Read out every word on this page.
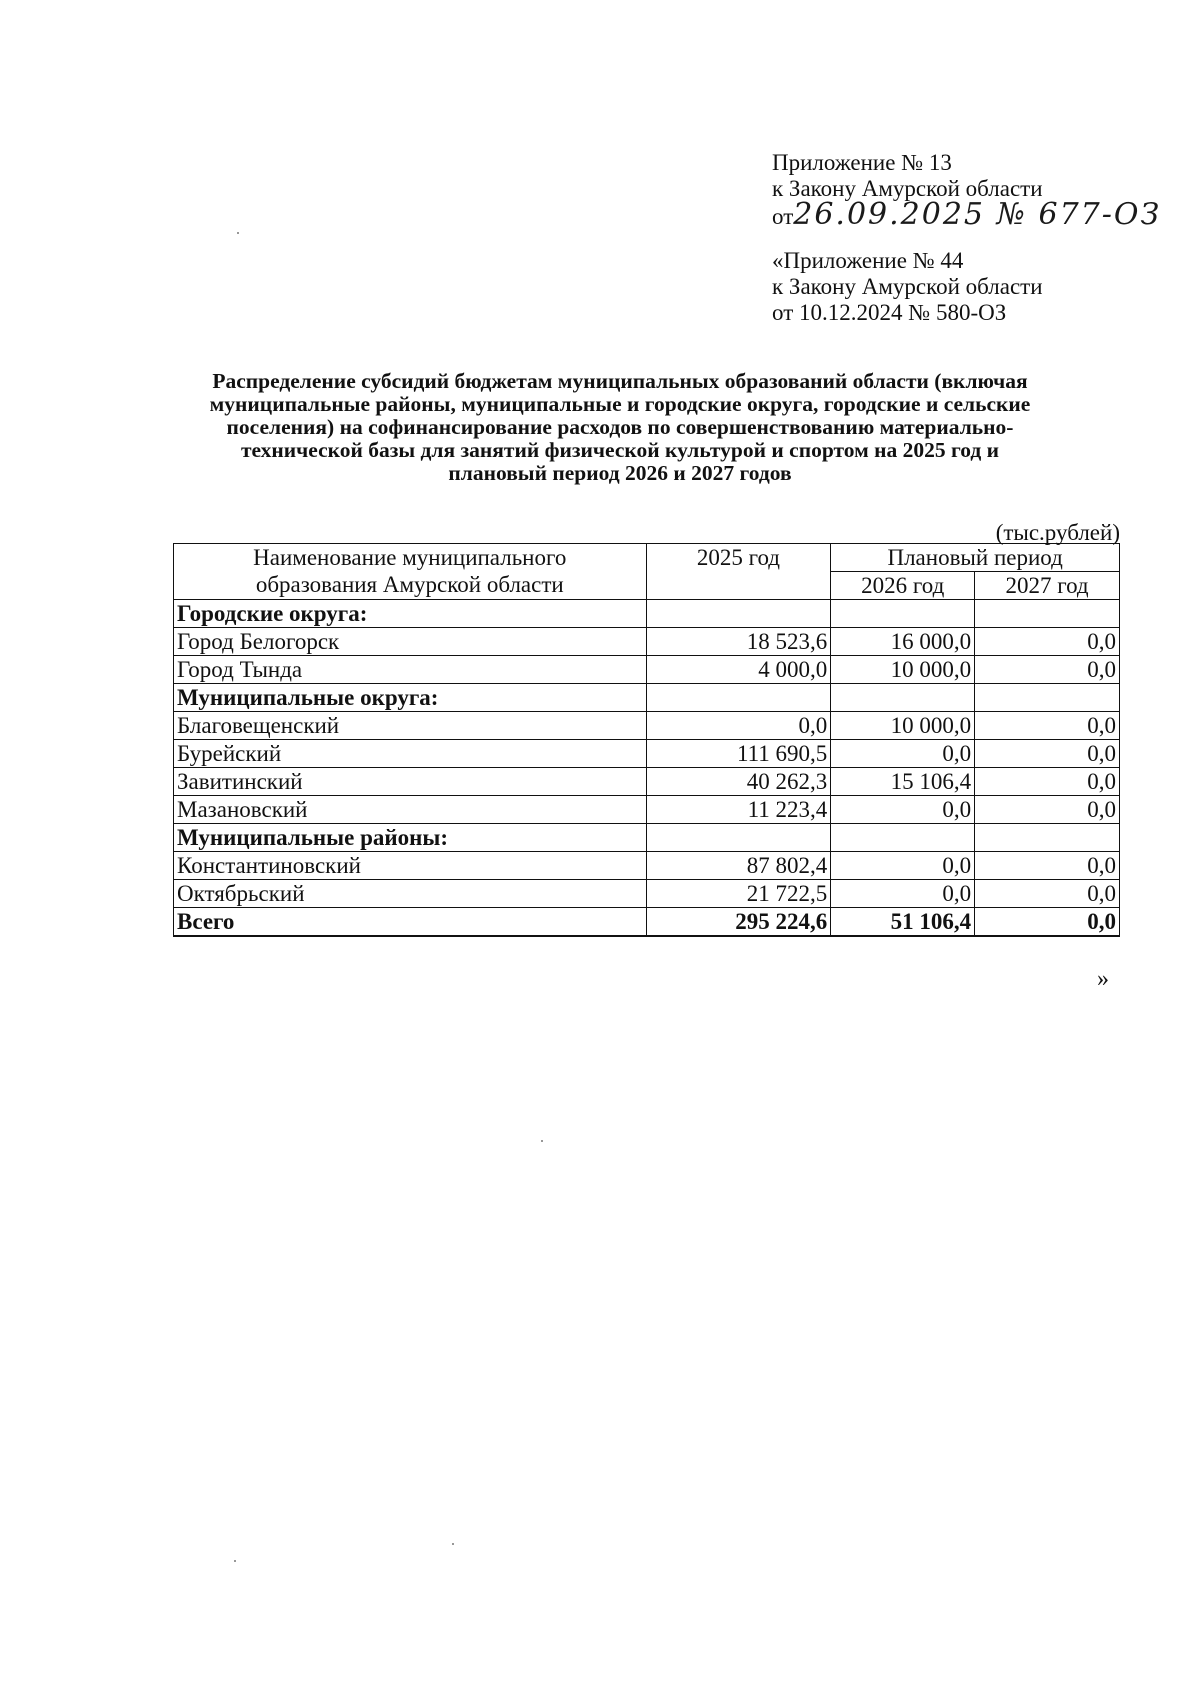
Приложение № 13
к Закону Амурской области
от26.09.2025 № 677-ОЗ
«Приложение № 44
к Закону Амурской области
от 10.12.2024 № 580-ОЗ
Распределение субсидий бюджетам муниципальных образований области (включая
муниципальные районы, муниципальные и городские округа, городские и сельские
поселения) на софинансирование расходов по совершенствованию материально-
технической базы для занятий физической культурой и спортом на 2025 год и
плановый период 2026 и 2027 годов
(тыс.рублей)
Наименование муниципального
образования Амурской области	2025 год	Плановый период	
		2026 год	2027 год
Городские округа:			
Город Белогорск	18 523,6	16 000,0	0,0
Город Тында	4 000,0	10 000,0	0,0
Муниципальные округа:			
Благовещенский	0,0	10 000,0	0,0
Бурейский	111 690,5	0,0	0,0
Завитинский	40 262,3	15 106,4	0,0
Мазановский	11 223,4	0,0	0,0
Муниципальные районы:			
Константиновский	87 802,4	0,0	0,0
Октябрьский	21 722,5	0,0	0,0
Всего	295 224,6	51 106,4	0,0
»
